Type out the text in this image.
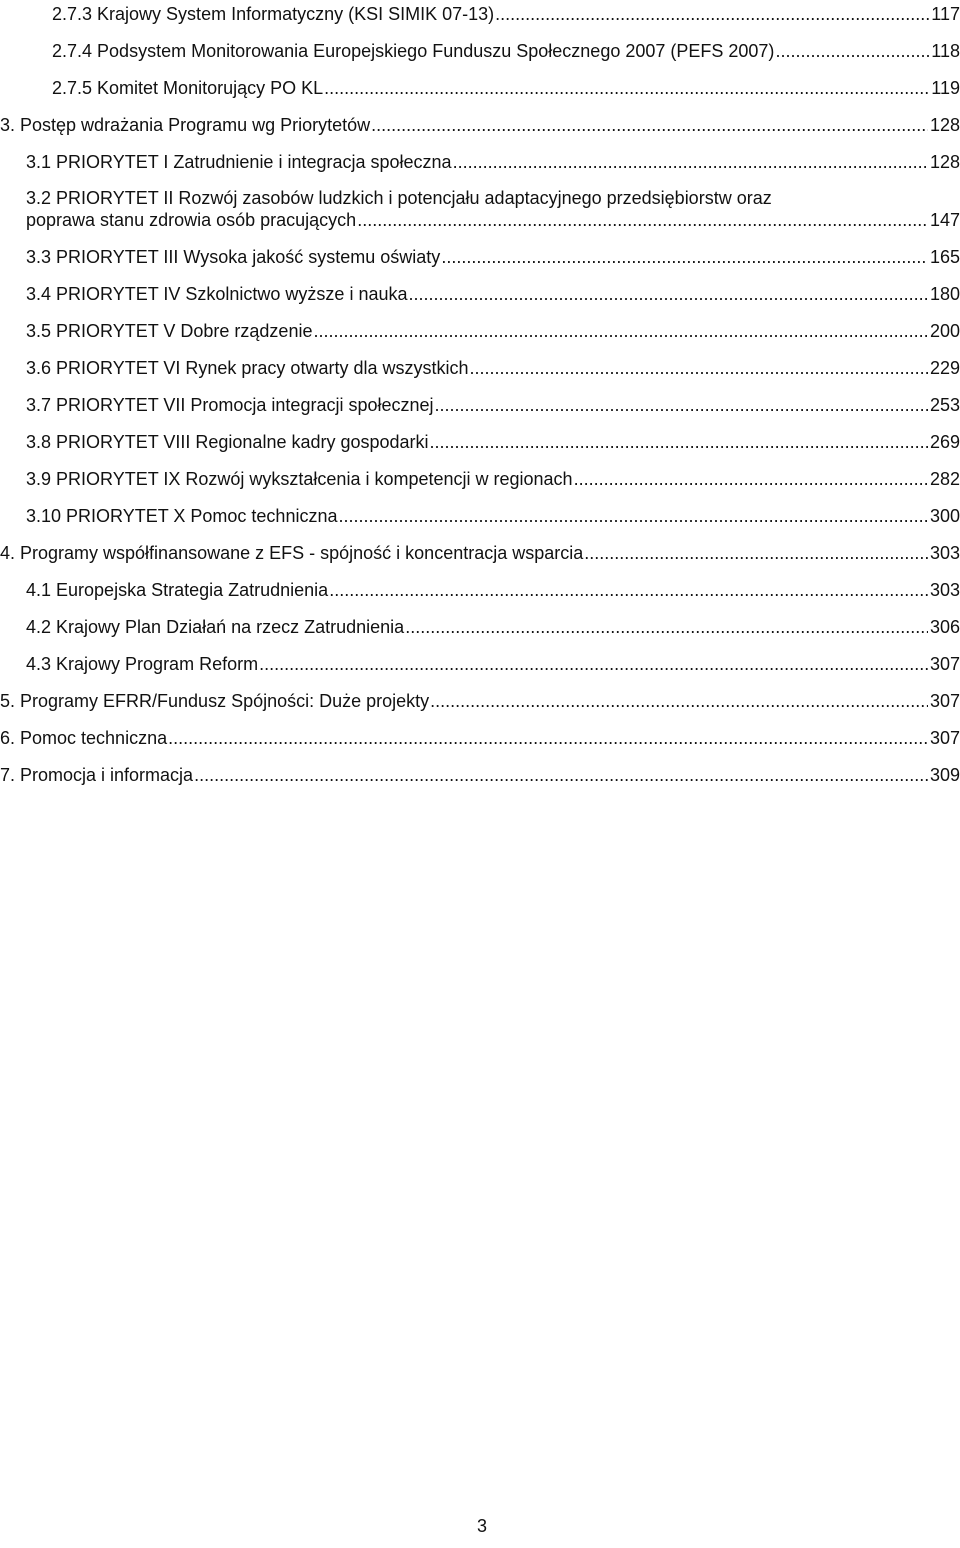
2.7.3 Krajowy System Informatyczny (KSI SIMIK 07-13) .....	117
2.7.4 Podsystem Monitorowania Europejskiego Funduszu Społecznego 2007 (PEFS 2007) .....	118
2.7.5 Komitet Monitorujący PO KL .....	119
3. Postęp wdrażania Programu wg Priorytetów .....	128
3.1 PRIORYTET I Zatrudnienie i integracja społeczna .....	128
3.2 PRIORYTET II Rozwój zasobów ludzkich i potencjału adaptacyjnego przedsiębiorstw oraz
poprawa stanu zdrowia osób pracujących .....	147
3.3 PRIORYTET III Wysoka jakość systemu oświaty .....	165
3.4 PRIORYTET IV Szkolnictwo wyższe i nauka .....	180
3.5 PRIORYTET V Dobre rządzenie .....	200
3.6 PRIORYTET VI Rynek pracy otwarty dla wszystkich .....	229
3.7 PRIORYTET VII Promocja integracji społecznej .....	253
3.8 PRIORYTET VIII Regionalne kadry gospodarki .....	269
3.9 PRIORYTET IX Rozwój wykształcenia i kompetencji w regionach .....	282
3.10 PRIORYTET X Pomoc techniczna .....	300
4. Programy współfinansowane z EFS - spójność i koncentracja wsparcia .....	303
4.1 Europejska Strategia Zatrudnienia .....	303
4.2 Krajowy Plan Działań na rzecz Zatrudnienia .....	306
4.3 Krajowy Program Reform .....	307
5. Programy EFRR/Fundusz Spójności: Duże projekty .....	307
6. Pomoc techniczna .....	307
7. Promocja i informacja .....	309
3
